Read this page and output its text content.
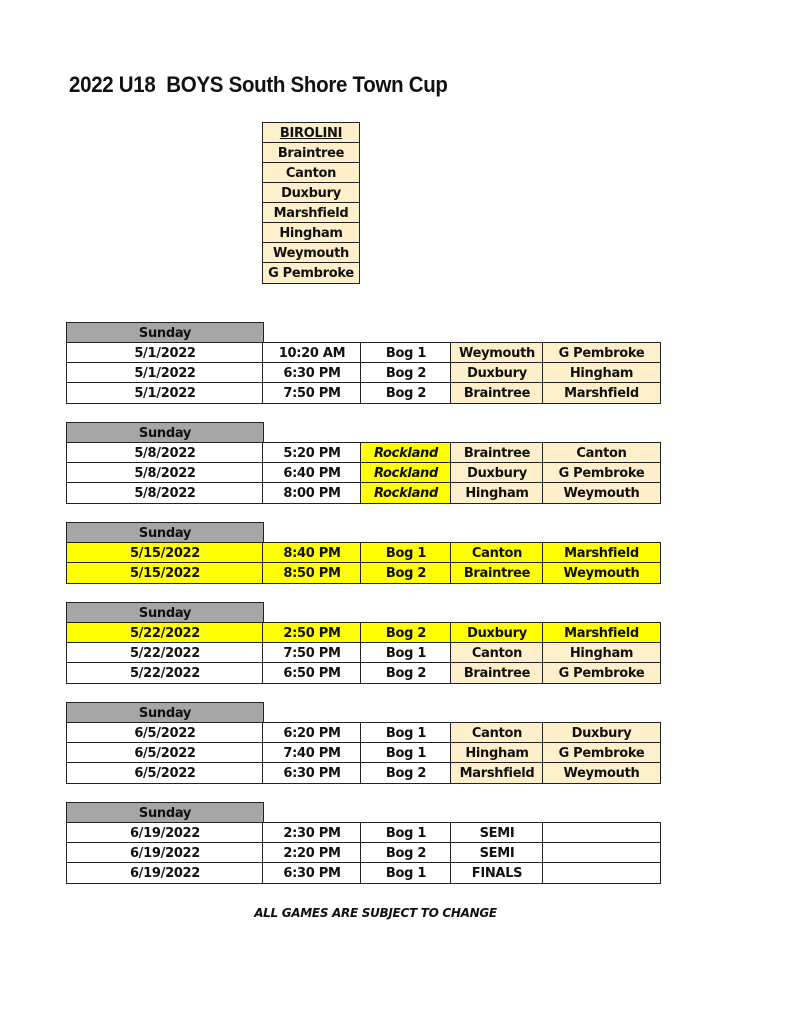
2022 U18  BOYS South Shore Town Cup
BIROLINI
Braintree
Canton
Duxbury
Marshfield
Hingham
Weymouth
G Pembroke
Sunday
5/1/2022	10:20 AM	Bog 1	Weymouth	G Pembroke
5/1/2022	6:30 PM	Bog 2	Duxbury	Hingham
5/1/2022	7:50 PM	Bog 2	Braintree	Marshfield
Sunday
5/8/2022	5:20 PM	Rockland	Braintree	Canton
5/8/2022	6:40 PM	Rockland	Duxbury	G Pembroke
5/8/2022	8:00 PM	Rockland	Hingham	Weymouth
Sunday
5/15/2022	8:40 PM	Bog 1	Canton	Marshfield
5/15/2022	8:50 PM	Bog 2	Braintree	Weymouth
Sunday
5/22/2022	2:50 PM	Bog 2	Duxbury	Marshfield
5/22/2022	7:50 PM	Bog 1	Canton	Hingham
5/22/2022	6:50 PM	Bog 2	Braintree	G Pembroke
Sunday
6/5/2022	6:20 PM	Bog 1	Canton	Duxbury
6/5/2022	7:40 PM	Bog 1	Hingham	G Pembroke
6/5/2022	6:30 PM	Bog 2	Marshfield	Weymouth
Sunday
6/19/2022	2:30 PM	Bog 1	SEMI
6/19/2022	2:20 PM	Bog 2	SEMI
6/19/2022	6:30 PM	Bog 1	FINALS
ALL GAMES ARE SUBJECT TO CHANGE
